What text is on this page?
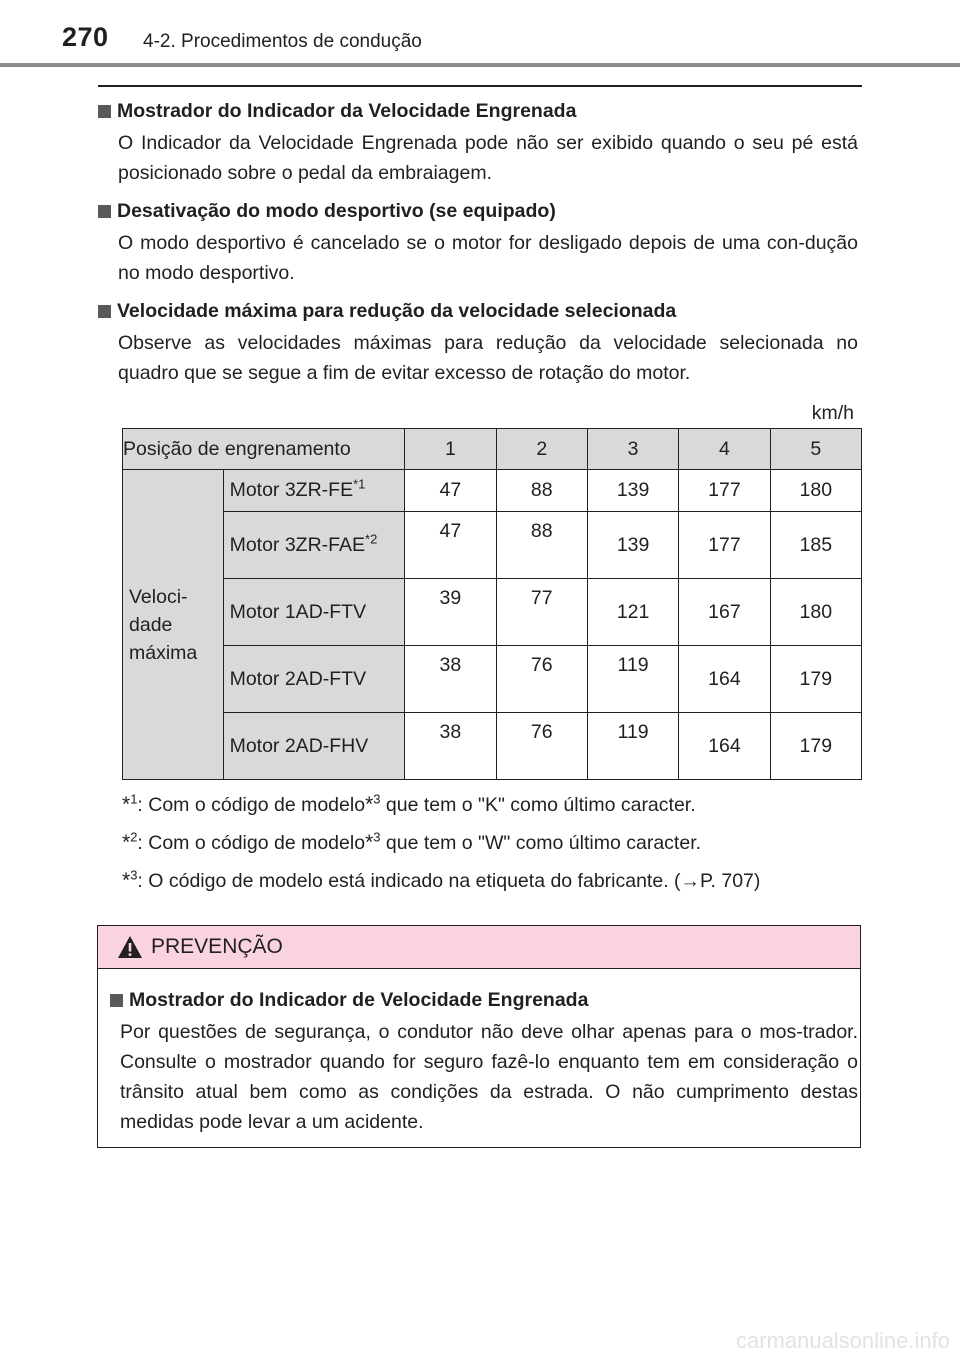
270 4-2. Procedimentos de condução
Mostrador do Indicador da Velocidade Engrenada
O Indicador da Velocidade Engrenada pode não ser exibido quando o seu pé está posicionado sobre o pedal da embraiagem.
Desativação do modo desportivo (se equipado)
O modo desportivo é cancelado se o motor for desligado depois de uma con-dução no modo desportivo.
Velocidade máxima para redução da velocidade selecionada
Observe as velocidades máximas para redução da velocidade selecionada no quadro que se segue a fim de evitar excesso de rotação do motor.
km/h
Posição de engrenamento		1	2	3	4	5
Veloci-
dade
máxima	Motor 3ZR-FE$^{*1}$	47	88	139	177	180
	Motor 3ZR-FAE$^{*2}$	47	88	139	177	185
	Motor 1AD-FTV	39	77	121	167	180
	Motor 2AD-FTV	38	76	119	164	179
	Motor 2AD-FHV	38	76	119	164	179
*$^1$: Com o código de modelo*$^3$ que tem o "K" como último caracter.
*$^2$: Com o código de modelo*$^3$ que tem o "W" como último caracter.
*$^3$: O código de modelo está indicado na etiqueta do fabricante. (→P. 707)
PREVENÇÃO
Mostrador do Indicador de Velocidade Engrenada
Por questões de segurança, o condutor não deve olhar apenas para o mos-trador. Consulte o mostrador quando for seguro fazê-lo enquanto tem em consideração o trânsito atual bem como as condições da estrada. O não cumprimento destas medidas pode levar a um acidente.
carmanualsonline.info
